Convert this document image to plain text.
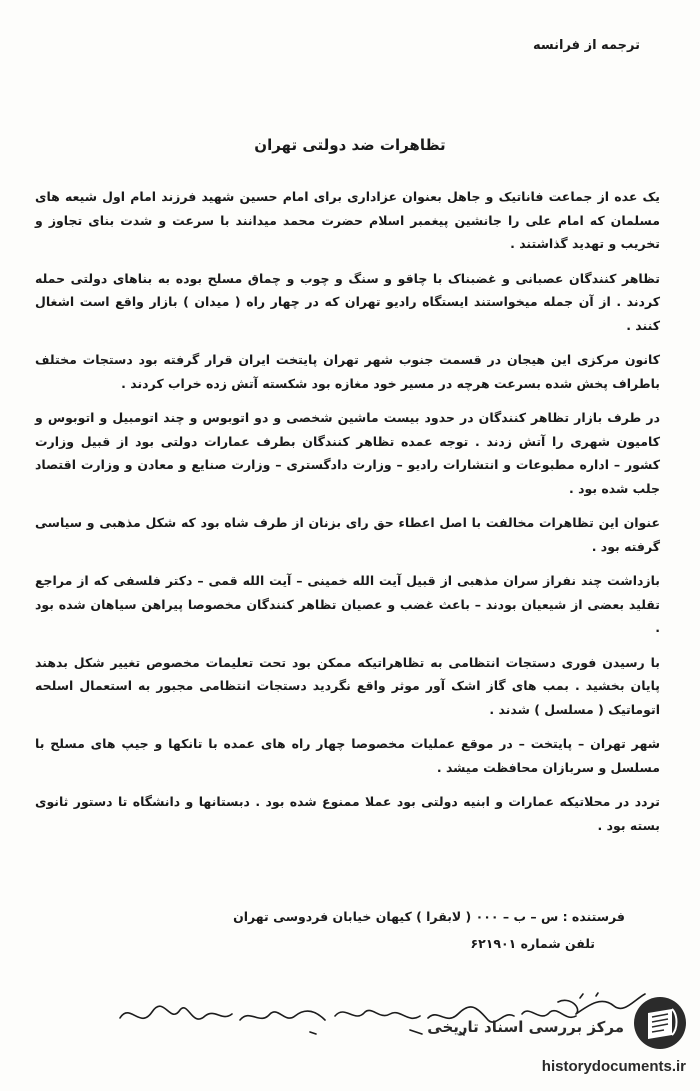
ترجمه از فرانسه
تظاهرات ضد دولتی تهران

یک عده از جماعت فاناتیک و جاهل بعنوان عزاداری برای امام حسین شهید فرزند امام اول شیعه های مسلمان که امام علی را جانشین پیغمبر اسلام حضرت محمد میدانند با سرعت و شدت بنای تجاوز و تخریب و تهدید گذاشتند .

تظاهر کنندگان عصبانی و غضبناک با چاقو و سنگ و چوب و چماق مسلح بوده به بناهای دولتی حمله کردند . از آن جمله میخواستند ایستگاه رادیو تهران که در چهار راه ( میدان ) بازار واقع است اشغال کنند .

کانون مرکزی این هیجان در قسمت جنوب شهر تهران پایتخت ایران قرار گرفته بود دستجات مختلف باطراف پخش شده بسرعت هرچه در مسیر خود مغازه بود شکسته آتش زده خراب کردند .

در طرف بازار تظاهر کنندگان در حدود بیست ماشین شخصی و دو اتوبوس و چند اتومبیل و اتوبوس و کامیون شهری را آتش زدند . توجه عمده تظاهر کنندگان بطرف عمارات دولتی بود از قبیل وزارت کشور – اداره مطبوعات و انتشارات رادیو – وزارت دادگستری – وزارت صنایع و معادن و وزارت اقتصاد جلب شده بود .

عنوان این تظاهرات مخالفت با اصل اعطاء حق رای بزنان از طرف شاه بود که شکل مذهبی و سیاسی گرفته بود .

بازداشت چند نفراز سران مذهبی از قبیل آیت الله خمینی – آیت الله قمی – دکتر فلسفی که از مراجع تقلید بعضی از شیعیان بودند – باعث غضب و عصیان تظاهر کنندگان مخصوصا پیراهن سیاهان شده بود .

با رسیدن فوری دستجات انتظامی به تظاهراتیکه ممکن بود تحت تعلیمات مخصوص تغییر شکل بدهند پایان بخشید . بمب های گاز اشک آور موثر واقع نگردید دستجات انتظامی مجبور به استعمال اسلحه اتوماتیک ( مسلسل ) شدند .

شهر تهران – پایتخت – در موقع عملیات مخصوصا چهار راه های عمده با تانکها و جیپ های مسلح با مسلسل و سربازان محافظت میشد .

تردد در محلاتیکه عمارات و ابنیه دولتی بود عملا ممنوع شده بود . دبستانها و دانشگاه تا دستور ثانوی بسته بود .

فرستنده : س – ب – ۰۰۰ ( لابقرا ) کیهان خیابان فردوسی تهران
تلفن شماره ۶۲۱۹۰۱
مرکز بررسی اسناد تاریخی
historydocuments.ir
